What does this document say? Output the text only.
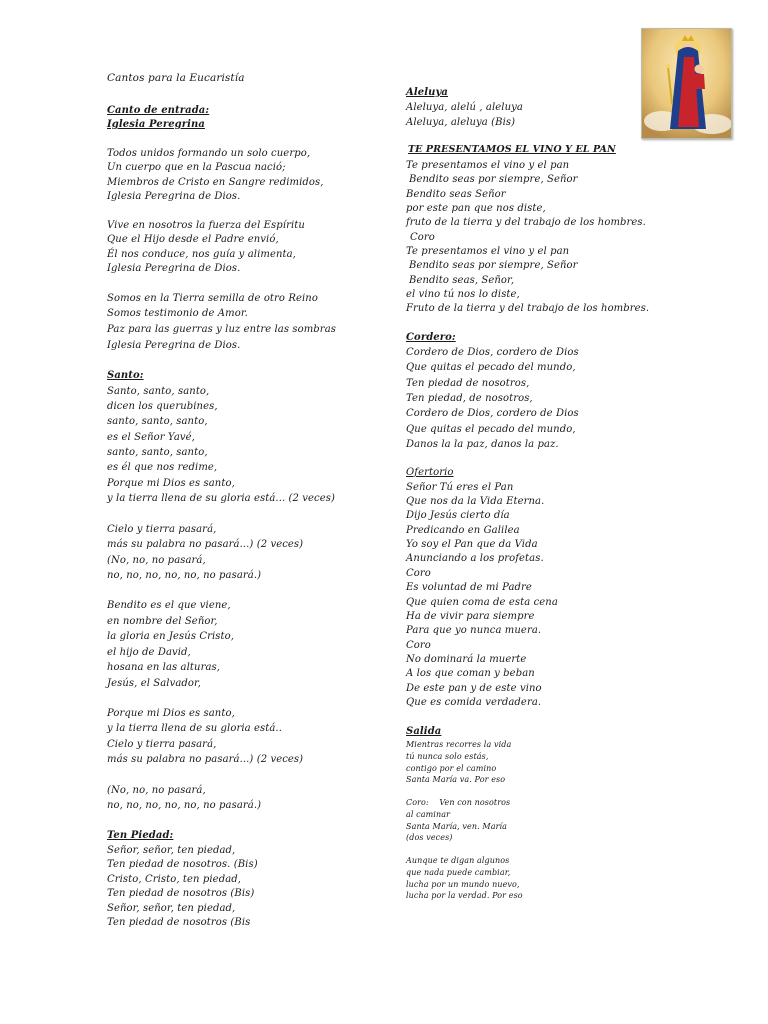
Cantos para la Eucaristía
Canto de entrada:
Iglesia Peregrina
Todos unidos formando un solo cuerpo,
Un cuerpo que en la Pascua nació;
Miembros de Cristo en Sangre redimidos,
Iglesia Peregrina de Dios.
Vive en nosotros la fuerza del Espíritu
Que el Hijo desde el Padre envió,
Él nos conduce, nos guía y alimenta,
Iglesia Peregrina de Dios.
Somos en la Tierra semilla de otro Reino
Somos testimonio de Amor.
Paz para las guerras y luz entre las sombras
Iglesia Peregrina de Dios.
Santo:
Santo, santo, santo,
dicen los querubines,
santo, santo, santo,
es el Señor Yavé,
santo, santo, santo,
es él que nos redime,
Porque mi Dios es santo,
y la tierra llena de su gloria está... (2 veces)
Cielo y tierra pasará,
más su palabra no pasará...) (2 veces)
(No, no, no pasará,
no, no, no, no, no, no pasará.)
Bendito es el que viene,
en nombre del Señor,
la gloria en Jesús Cristo,
el hijo de David,
hosana en las alturas,
Jesús, el Salvador,
Porque mi Dios es santo,
y la tierra llena de su gloria está..
Cielo y tierra pasará,
más su palabra no pasará...) (2 veces)
(No, no, no pasará,
no, no, no, no, no, no pasará.)
Ten Piedad:
Señor, señor, ten piedad,
Ten piedad de nosotros. (Bis)
Cristo, Cristo, ten piedad,
Ten piedad de nosotros (Bis)
Señor, señor, ten piedad,
Ten piedad de nosotros (Bis
Aleluya
Aleluya, alelú , aleluya
Aleluya, aleluya (Bis)
TE PRESENTAMOS EL VINO Y EL PAN
Te presentamos el vino y el pan
Bendito seas por siempre, Señor
Bendito seas Señor
por este pan que nos diste,
fruto de la tierra y del trabajo de los hombres.
Coro
Te presentamos el vino y el pan
Bendito seas por siempre, Señor
Bendito seas, Señor,
el vino tú nos lo diste,
Fruto de la tierra y del trabajo de los hombres.
Cordero:
Cordero de Dios, cordero de Dios
Que quitas el pecado del mundo,
Ten piedad de nosotros,
Ten piedad, de nosotros,
Cordero de Dios, cordero de Dios
Que quitas el pecado del mundo,
Danos la la paz, danos la paz.
Ofertorio
Señor Tú eres el Pan
Que nos da la Vida Eterna.
Dijo Jesús cierto día
Predicando en Galilea
Yo soy el Pan que da Vida
Anunciando a los profetas.
Coro
Es voluntad de mi Padre
Que quien coma de esta cena
Ha de vivir para siempre
Para que yo nunca muera.
Coro
No dominará la muerte
A los que coman y beban
De este pan y de este vino
Que es comida verdadera.
Salida
Mientras recorres la vida
tú nunca solo estás,
contigo por el camino
Santa María va. Por eso
Coro:    Ven con nosotros
al caminar
Santa María, ven. María
(dos veces)
Aunque te digan algunos
que nada puede cambiar,
lucha por un mundo nuevo,
lucha por la verdad. Por eso
